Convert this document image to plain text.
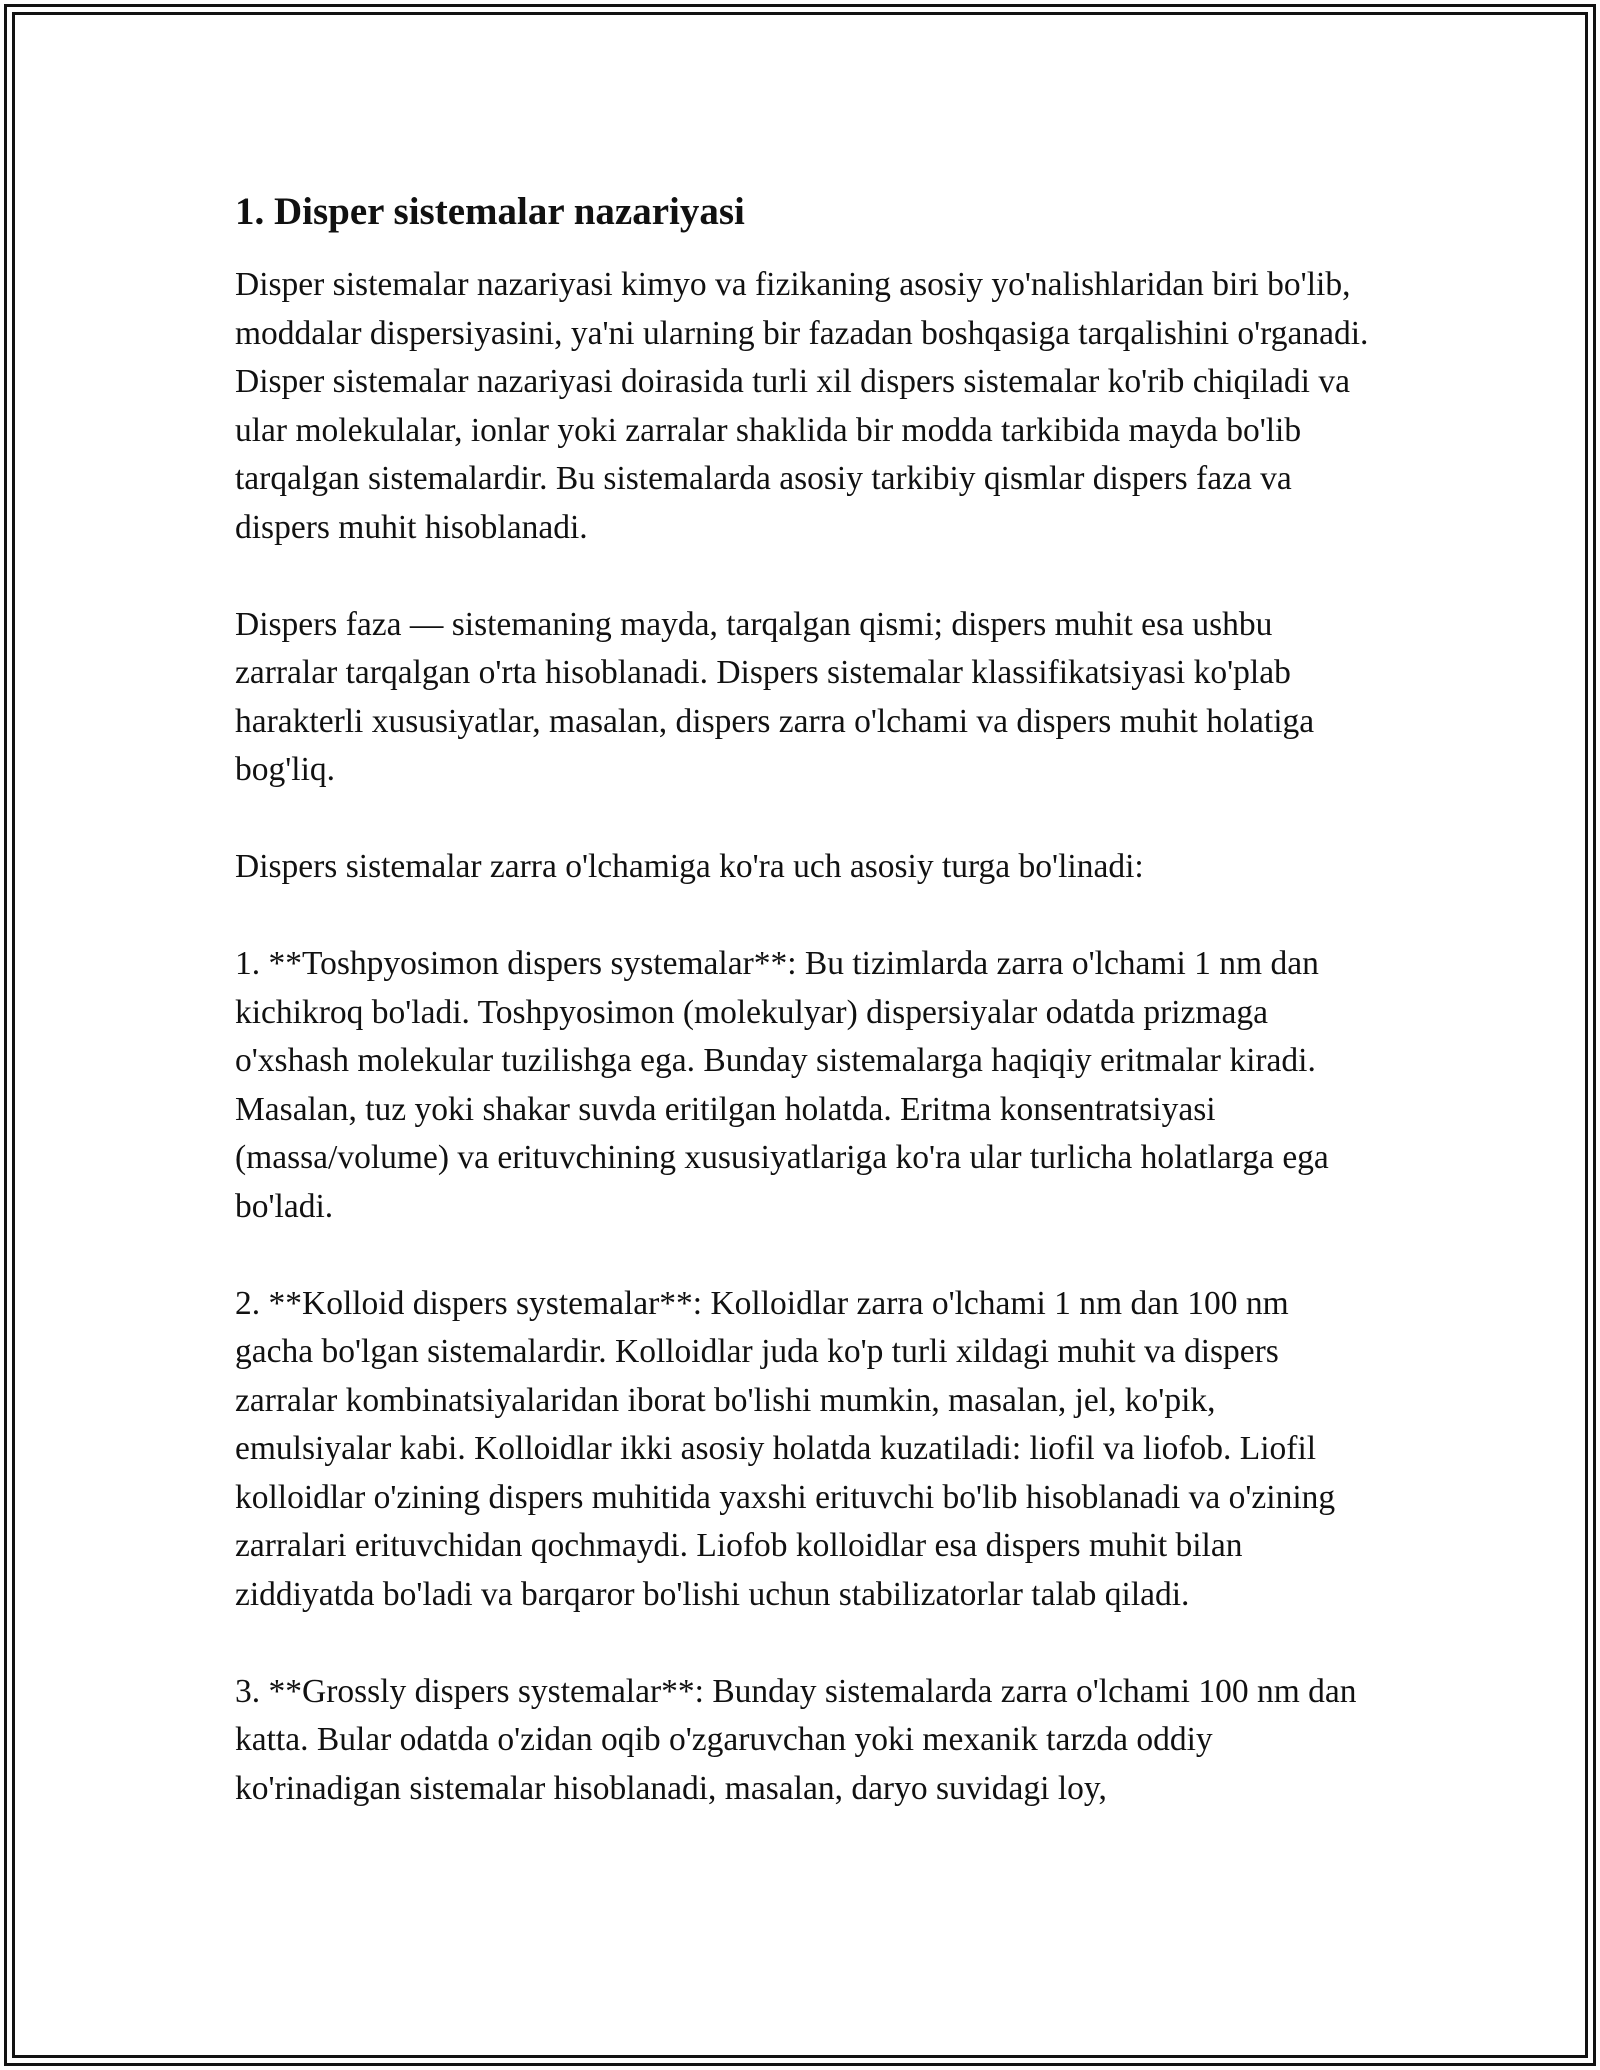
1. Disper sistemalar nazariyasi

Disper sistemalar nazariyasi kimyo va fizikaning asosiy yo'nalishlaridan biri bo'lib, moddalar dispersiyasini, ya'ni ularning bir fazadan boshqasiga tarqalishini o'rganadi. Disper sistemalar nazariyasi doirasida turli xil dispers sistemalar ko'rib chiqiladi va ular molekulalar, ionlar yoki zarralar shaklida bir modda tarkibida mayda bo'lib tarqalgan sistemalardir. Bu sistemalarda asosiy tarkibiy qismlar dispers faza va dispers muhit hisoblanadi.

Dispers faza — sistemaning mayda, tarqalgan qismi; dispers muhit esa ushbu zarralar tarqalgan o'rta hisoblanadi. Dispers sistemalar klassifikatsiyasi ko'plab harakterli xususiyatlar, masalan, dispers zarra o'lchami va dispers muhit holatiga bog'liq.

Dispers sistemalar zarra o'lchamiga ko'ra uch asosiy turga bo'linadi:

1. **Toshpyosimon dispers systemalar**: Bu tizimlarda zarra o'lchami 1 nm dan kichikroq bo'ladi. Toshpyosimon (molekulyar) dispersiyalar odatda prizmaga o'xshash molekular tuzilishga ega. Bunday sistemalarga haqiqiy eritmalar kiradi. Masalan, tuz yoki shakar suvda eritilgan holatda. Eritma konsentratsiyasi (massa/volume) va erituvchining xususiyatlariga ko'ra ular turlicha holatlarga ega bo'ladi.

2. **Kolloid dispers systemalar**: Kolloidlar zarra o'lchami 1 nm dan 100 nm gacha bo'lgan sistemalardir. Kolloidlar juda ko'p turli xildagi muhit va dispers zarralar kombinatsiyalaridan iborat bo'lishi mumkin, masalan, jel, ko'pik, emulsiyalar kabi. Kolloidlar ikki asosiy holatda kuzatiladi: liofil va liofob. Liofil kolloidlar o'zining dispers muhitida yaxshi erituvchi bo'lib hisoblanadi va o'zining zarralari erituvchidan qochmaydi. Liofob kolloidlar esa dispers muhit bilan ziddiyatda bo'ladi va barqaror bo'lishi uchun stabilizatorlar talab qiladi.

3. **Grossly dispers systemalar**: Bunday sistemalarda zarra o'lchami 100 nm dan katta. Bular odatda o'zidan oqib o'zgaruvchan yoki mexanik tarzda oddiy ko'rinadigan sistemalar hisoblanadi, masalan, daryo suvidagi loy,
